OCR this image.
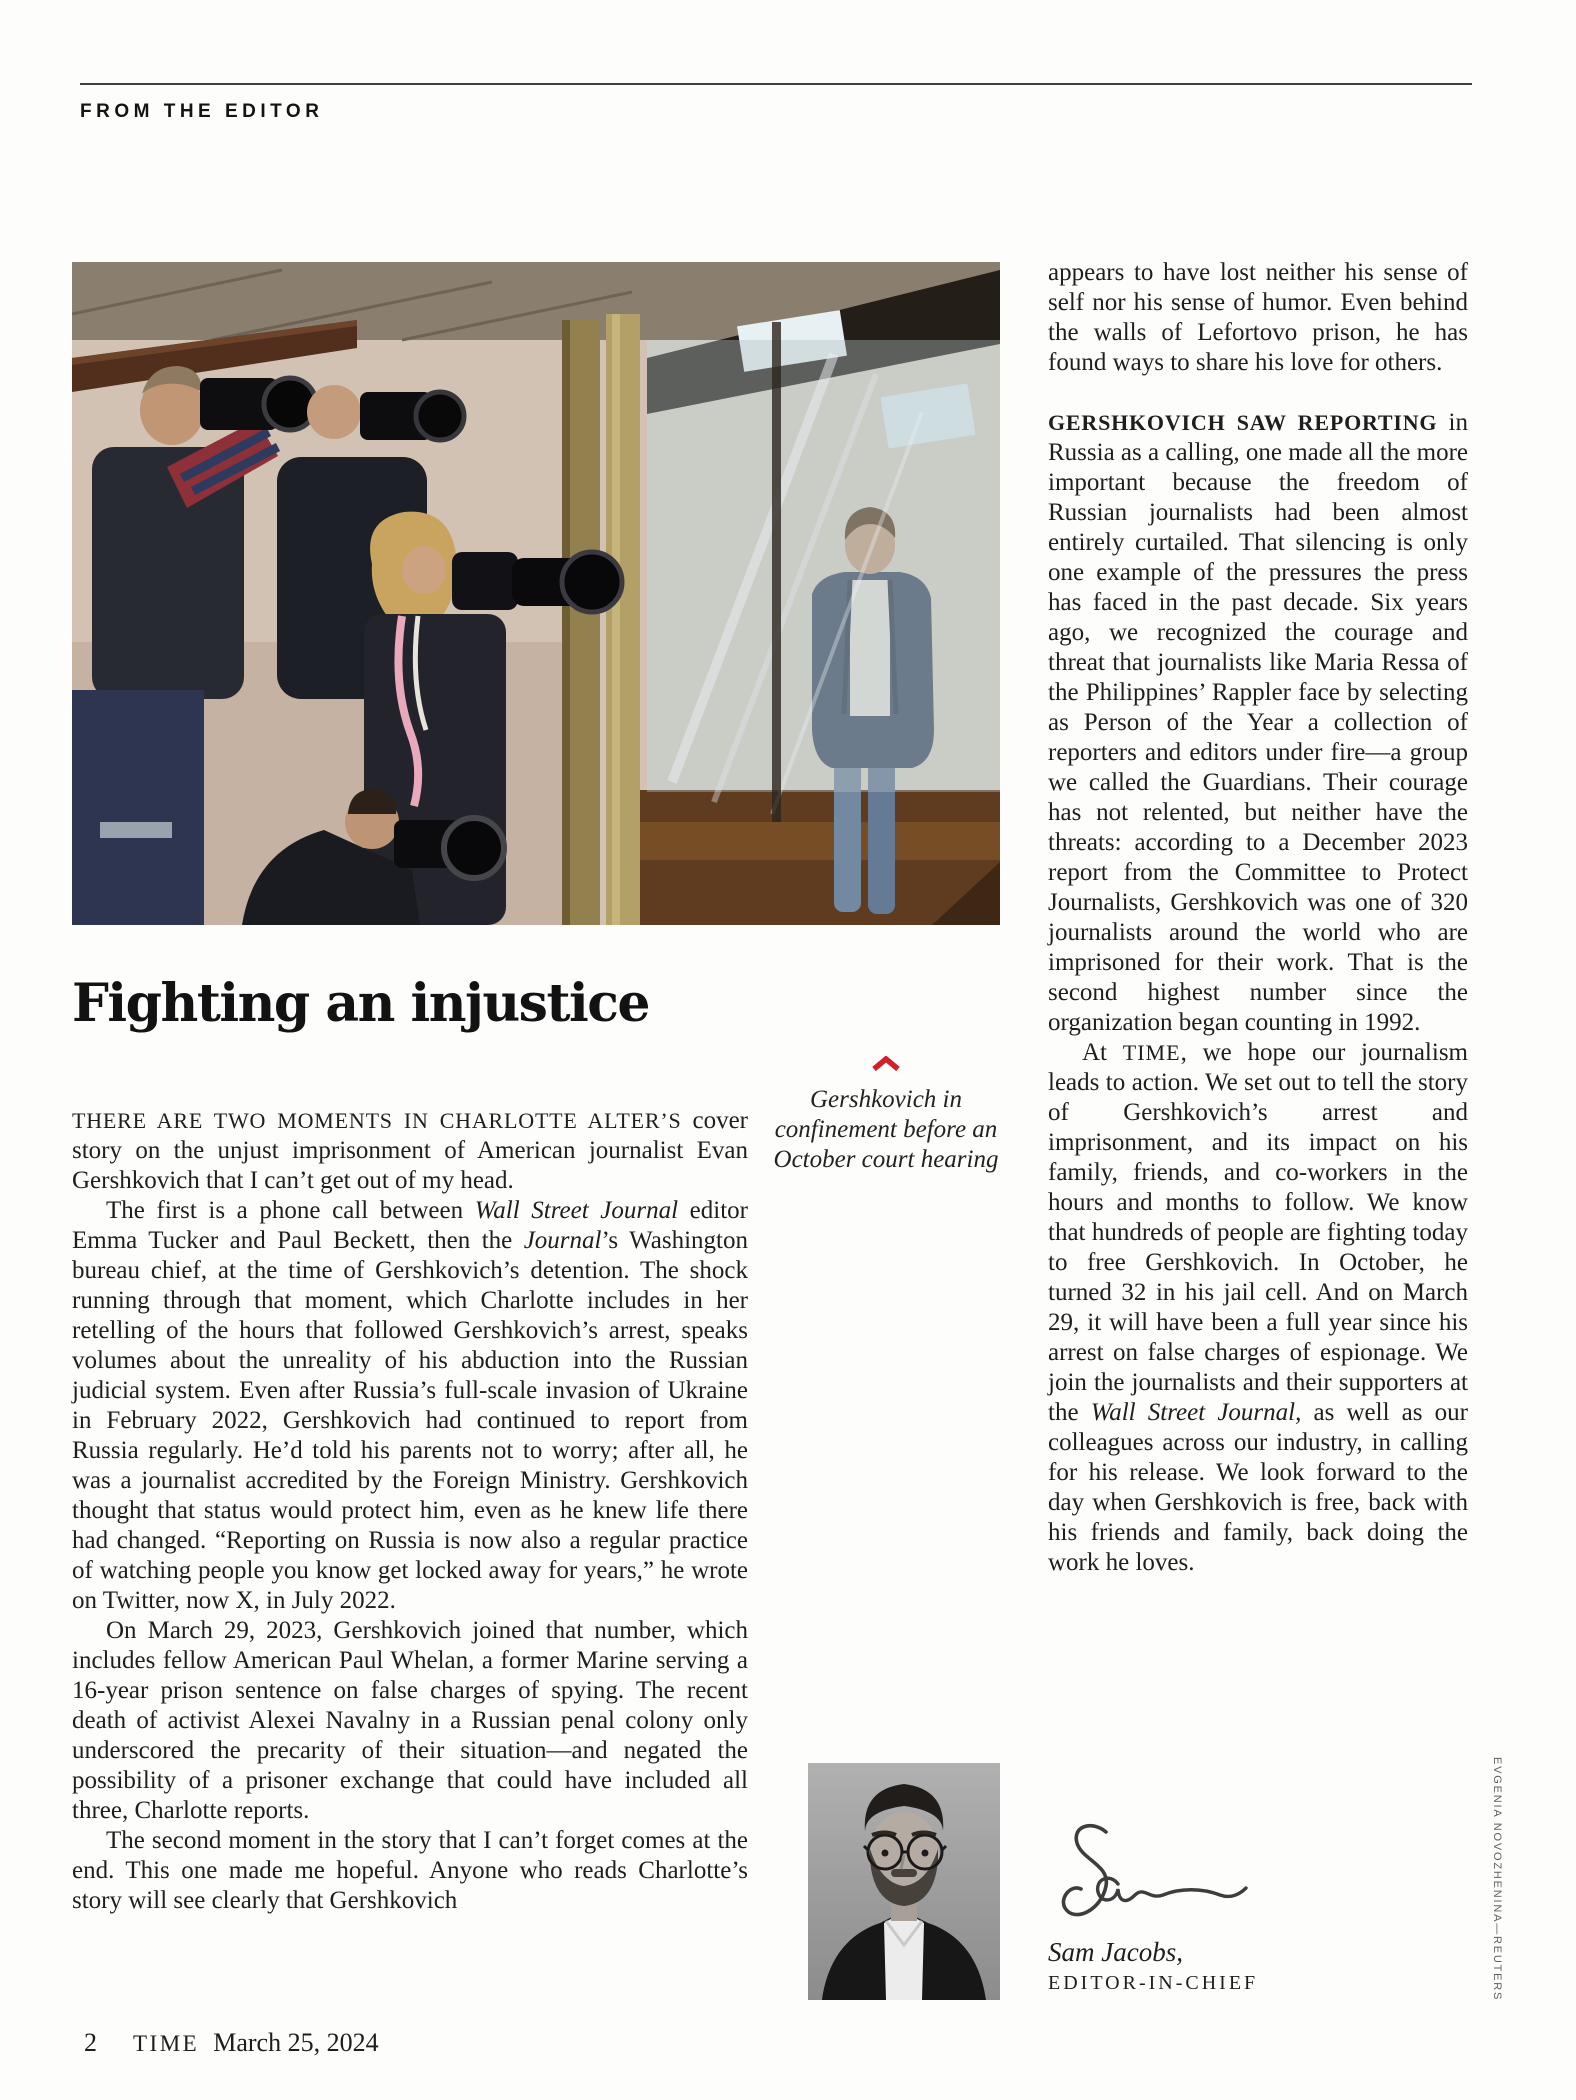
FROM THE EDITOR
Fighting an injustice

THERE ARE TWO MOMENTS IN CHARLOTTE ALTER’S cover story on the unjust imprisonment of American journalist Evan Gershkovich that I can’t get out of my head.

The first is a phone call between Wall Street Journal editor Emma Tucker and Paul Beckett, then the Journal’s Washington bureau chief, at the time of Gershkovich’s detention. The shock running through that moment, which Charlotte includes in her retelling of the hours that followed Gershkovich’s arrest, speaks volumes about the unreality of his abduction into the Russian judicial system. Even after Russia’s full-scale invasion of Ukraine in February 2022, Gershkovich had continued to report from Russia regularly. He’d told his parents not to worry; after all, he was a journalist accredited by the Foreign Ministry. Gershkovich thought that status would protect him, even as he knew life there had changed. “Reporting on Russia is now also a regular practice of watching people you know get locked away for years,” he wrote on Twitter, now X, in July 2022.

On March 29, 2023, Gershkovich joined that number, which includes fellow American Paul Whelan, a former Marine serving a 16-year prison sentence on false charges of spying. The recent death of activist Alexei Navalny in a Russian penal colony only underscored the precarity of their situation—and negated the possibility of a prisoner exchange that could have included all three, Charlotte reports.

The second moment in the story that I can’t forget comes at the end. This one made me hopeful. Anyone who reads Charlotte’s story will see clearly that Gershkovich

appears to have lost neither his sense of self nor his sense of humor. Even behind the walls of Lefortovo prison, he has found ways to share his love for others.

GERSHKOVICH SAW REPORTING in Russia as a calling, one made all the more important because the freedom of Russian journalists had been almost entirely curtailed. That silencing is only one example of the pressures the press has faced in the past decade. Six years ago, we recognized the courage and threat that journalists like Maria Ressa of the Philippines’ Rappler face by selecting as Person of the Year a collection of reporters and editors under fire—a group we called the Guardians. Their courage has not relented, but neither have the threats: according to a December 2023 report from the Committee to Protect Journalists, Gershkovich was one of 320 journalists around the world who are imprisoned for their work. That is the second highest number since the organization began counting in 1992.

At TIME, we hope our journalism leads to action. We set out to tell the story of Gershkovich’s arrest and imprisonment, and its impact on his family, friends, and co-workers in the hours and months to follow. We know that hundreds of people are fighting today to free Gershkovich. In October, he turned 32 in his jail cell. And on March 29, it will have been a full year since his arrest on false charges of espionage. We join the journalists and their supporters at the Wall Street Journal, as well as our colleagues across our industry, in calling for his release. We look forward to the day when Gershkovich is free, back with his friends and family, back doing the work he loves.

Gershkovich in confinement before an October court hearing
Sam Jacobs,
EDITOR-IN-CHIEF
2 TIME March 25, 2024
EVGENIA NOVOZHENINA—REUTERS
